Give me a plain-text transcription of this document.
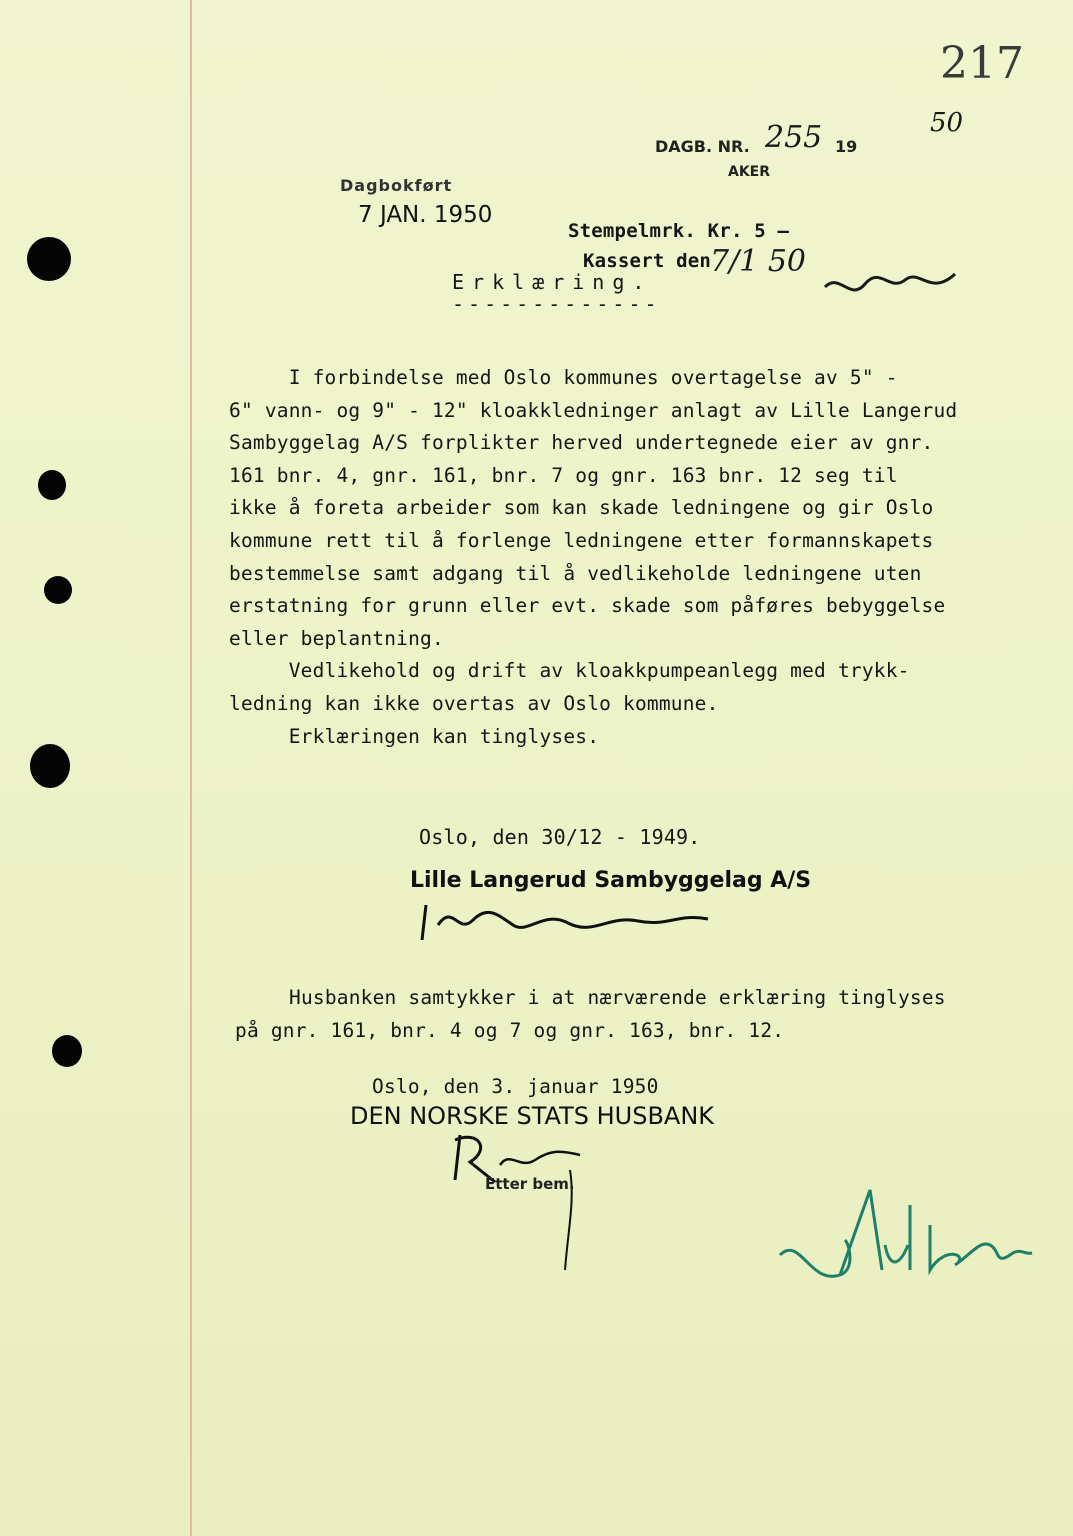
217
DAGB. NR. 255 19
50
AKER
Dagbokført
7 JAN. 1950
Stempelmrk. Kr. 5 —
Kassert den
7/1 50
Erklæring.
-------------
I forbindelse med Oslo kommunes overtagelse av 5" -
6" vann- og 9" - 12" kloakkledninger anlagt av Lille Langerud
Sambyggelag A/S forplikter herved undertegnede eier av gnr.
161 bnr. 4, gnr. 161, bnr. 7 og gnr. 163 bnr. 12 seg til
ikke å foreta arbeider som kan skade ledningene og gir Oslo
kommune rett til å forlenge ledningene etter formannskapets
bestemmelse samt adgang til å vedlikeholde ledningene uten
erstatning for grunn eller evt. skade som påføres bebyggelse
eller beplantning.
Vedlikehold og drift av kloakkpumpeanlegg med trykk-
ledning kan ikke overtas av Oslo kommune.
Erklæringen kan tinglyses.
Oslo, den 30/12 - 1949.
Lille Langerud Sambyggelag A/S
Husbanken samtykker i at nærværende erklæring tinglyses
på gnr. 161, bnr. 4 og 7 og gnr. 163, bnr. 12.
Oslo, den 3. januar 1950
DEN NORSKE STATS HUSBANK
Etter bem.
